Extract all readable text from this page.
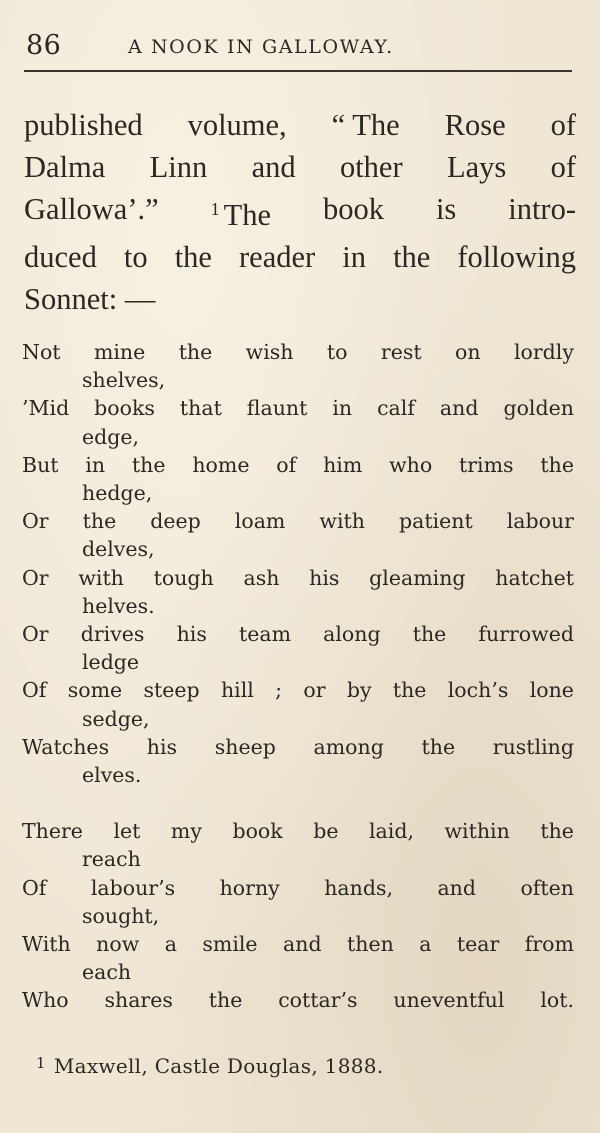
86	A NOOK IN GALLOWAY.
published volume, “ The Rose of
Dalma Linn and other Lays of
Gallowa’.”	$^1$ The book is intro-
duced to the reader in the following
Sonnet: —
Not mine the wish to rest on lordly
shelves,
’Mid books that flaunt in calf and golden
edge,
But in the home of him who trims the
hedge,
Or the deep loam with patient labour
delves,
Or with tough ash his gleaming hatchet
helves.
Or drives his team along the furrowed
ledge
Of some steep hill ; or by the loch’s lone
sedge,
Watches his sheep among the rustling
elves.
There let my book be laid, within the
reach
Of labour’s horny hands, and often
sought,
With now a smile and then a tear from
each
Who shares the cottar’s uneventful lot.
$^1$ Maxwell, Castle Douglas, 1888.
